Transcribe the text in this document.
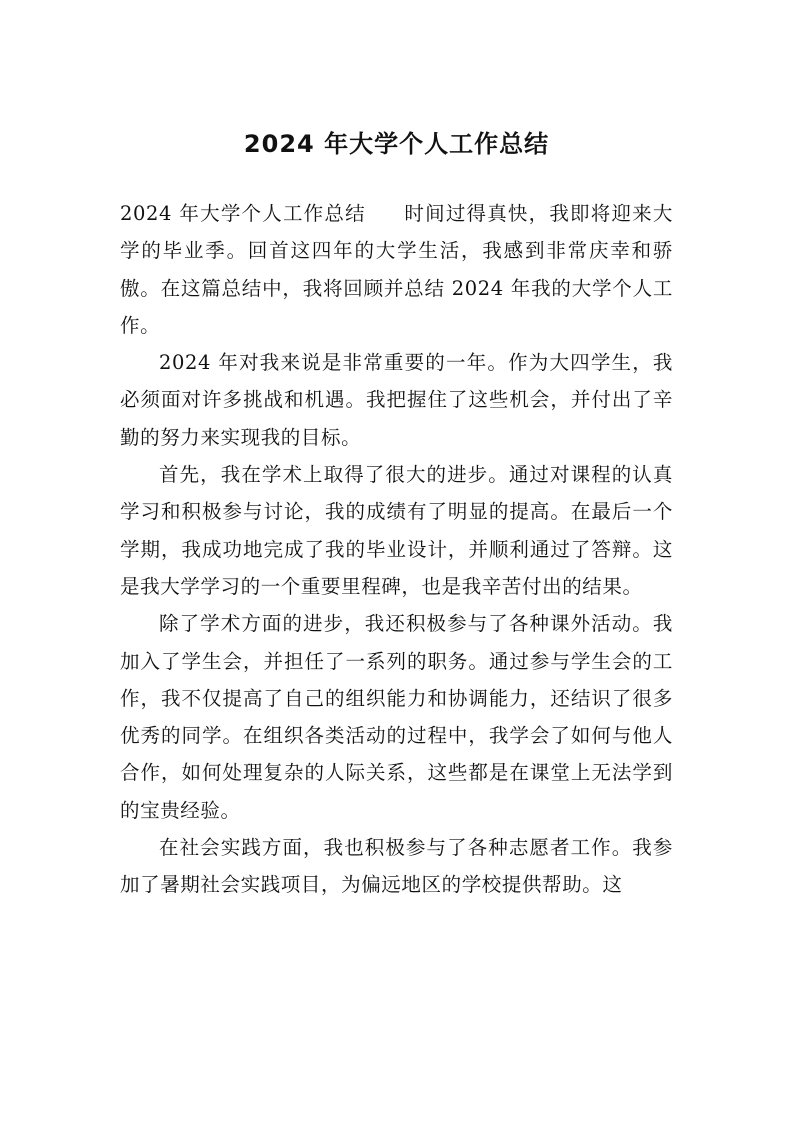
2024 年大学个人工作总结

2024 年大学个人工作总结 时间过得真快，我即将迎来大学的毕业季。回首这四年的大学生活，我感到非常庆幸和骄傲。在这篇总结中，我将回顾并总结 2024 年我的大学个人工作。

2024 年对我来说是非常重要的一年。作为大四学生，我必须面对许多挑战和机遇。我把握住了这些机会，并付出了辛勤的努力来实现我的目标。

首先，我在学术上取得了很大的进步。通过对课程的认真学习和积极参与讨论，我的成绩有了明显的提高。在最后一个学期，我成功地完成了我的毕业设计，并顺利通过了答辩。这是我大学学习的一个重要里程碑，也是我辛苦付出的结果。

除了学术方面的进步，我还积极参与了各种课外活动。我加入了学生会，并担任了一系列的职务。通过参与学生会的工作，我不仅提高了自己的组织能力和协调能力，还结识了很多优秀的同学。在组织各类活动的过程中，我学会了如何与他人合作，如何处理复杂的人际关系，这些都是在课堂上无法学到的宝贵经验。

在社会实践方面，我也积极参与了各种志愿者工作。我参加了暑期社会实践项目，为偏远地区的学校提供帮助。这
